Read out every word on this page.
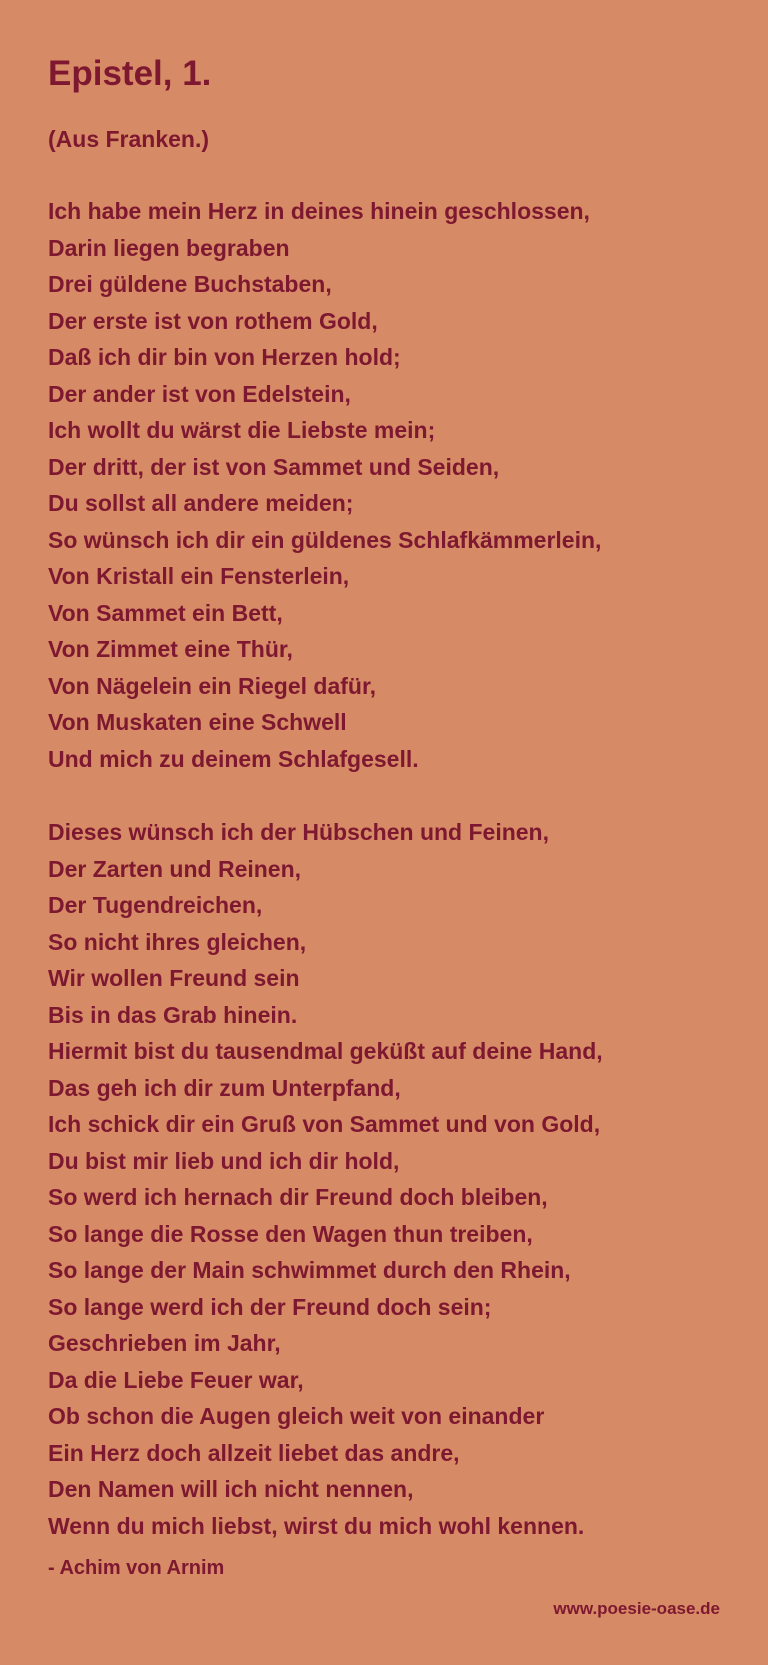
Epistel, 1.

(Aus Franken.)

Ich habe mein Herz in deines hinein geschlossen,
Darin liegen begraben
Drei güldene Buchstaben,
Der erste ist von rothem Gold,
Daß ich dir bin von Herzen hold;
Der ander ist von Edelstein,
Ich wollt du wärst die Liebste mein;
Der dritt, der ist von Sammet und Seiden,
Du sollst all andere meiden;
So wünsch ich dir ein güldenes Schlafkämmerlein,
Von Kristall ein Fensterlein,
Von Sammet ein Bett,
Von Zimmet eine Thür,
Von Nägelein ein Riegel dafür,
Von Muskaten eine Schwell
Und mich zu deinem Schlafgesell.
Dieses wünsch ich der Hübschen und Feinen,
Der Zarten und Reinen,
Der Tugendreichen,
So nicht ihres gleichen,
Wir wollen Freund sein
Bis in das Grab hinein.
Hiermit bist du tausendmal geküßt auf deine Hand,
Das geh ich dir zum Unterpfand,
Ich schick dir ein Gruß von Sammet und von Gold,
Du bist mir lieb und ich dir hold,
So werd ich hernach dir Freund doch bleiben,
So lange die Rosse den Wagen thun treiben,
So lange der Main schwimmet durch den Rhein,
So lange werd ich der Freund doch sein;
Geschrieben im Jahr,
Da die Liebe Feuer war,
Ob schon die Augen gleich weit von einander
Ein Herz doch allzeit liebet das andre,
Den Namen will ich nicht nennen,
Wenn du mich liebst, wirst du mich wohl kennen.

- Achim von Arnim

www.poesie-oase.de
